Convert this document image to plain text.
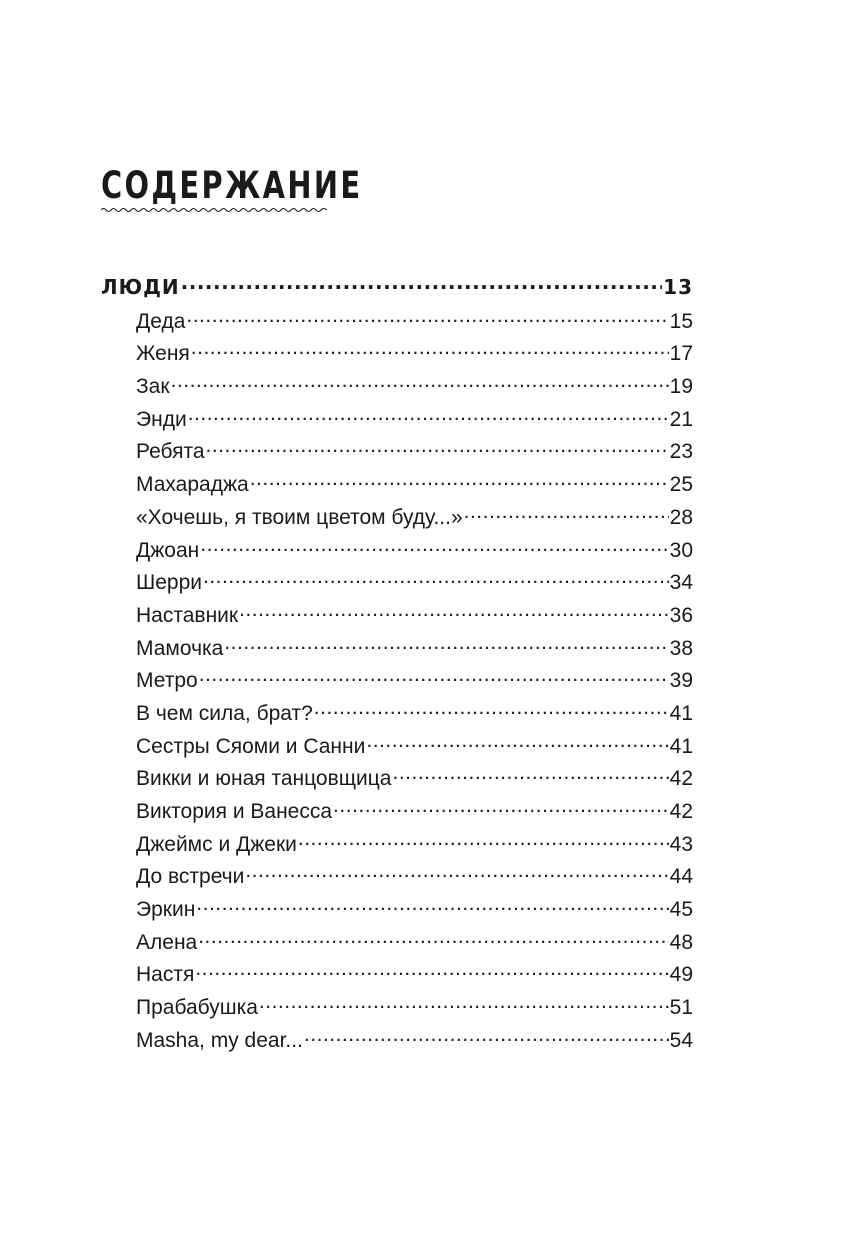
СОДЕРЖАНИЕ
ЛЮДИ .....	13
Деда .....	15
Женя .....	17
Зак .....	19
Энди .....	21
Ребята .....	23
Махараджа .....	25
«Хочешь, я твоим цветом буду...» .....	28
Джоан .....	30
Шерри .....	34
Наставник .....	36
Мамочка .....	38
Метро .....	39
В чем сила, брат? .....	41
Сестры Сяоми и Санни .....	41
Викки и юная танцовщица .....	42
Виктория и Ванесса .....	42
Джеймс и Джеки .....	43
До встречи .....	44
Эркин .....	45
Алена .....	48
Настя .....	49
Прабабушка .....	51
Masha, my dear... .....	54
